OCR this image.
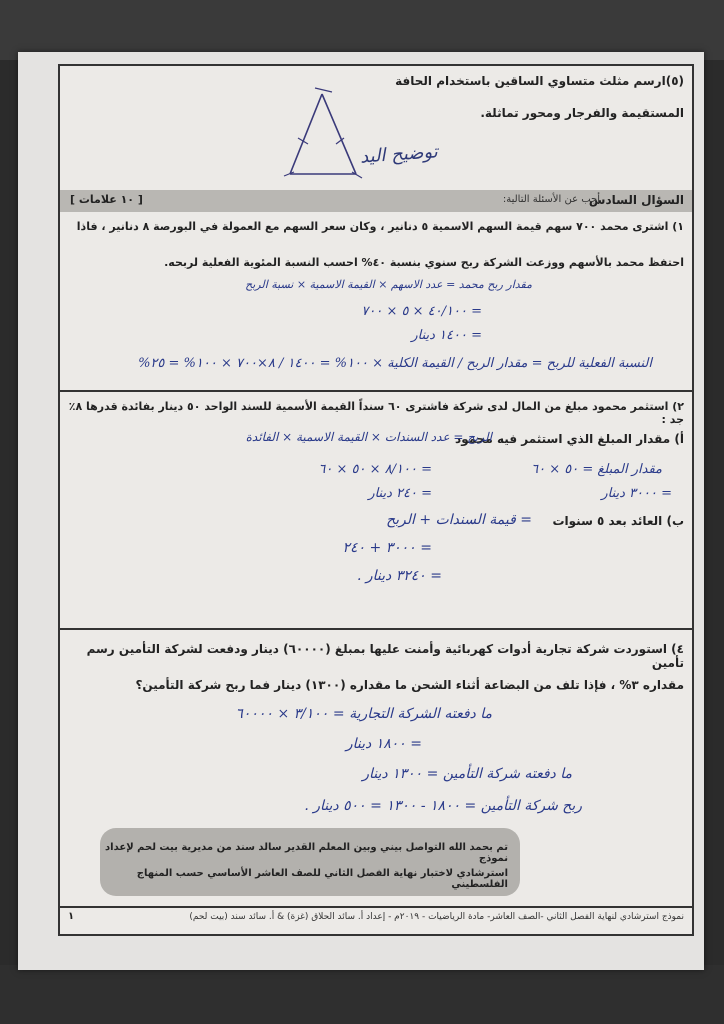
(٥)ارسم مثلث متساوي الساقين باستخدام الحافة
المستقيمة والفرجار ومحور تماثلة.
توضيح اليد
السؤال السادس
أجب عن الأسئلة التالية:
[ ١٠ علامات ]
١) اشترى محمد ٧٠٠ سهم قيمة السهم الاسمية ٥ دنانير ، وكان سعر السهم مع العمولة في البورصة ٨ دنانير ، فاذا
احتفظ محمد بالأسهم ووزعت الشركة ربح سنوي بنسبة ٤٠% احسب النسبة المئوية الفعلية لربحه.
مقدار ربح محمد = عدد الاسهم × القيمة الاسمية × نسبة الربح
= ٤٠/١٠٠ × ٥ × ٧٠٠
= ١٤٠٠ دينار
النسبة الفعلية للربح = مقدار الربح / القيمة الكلية × ١٠٠% = ١٤٠٠ / ٨×٧٠٠ × ١٠٠% = ٢٥%
٢) استثمر محمود مبلغ من المال لدى شركة فاشترى ٦٠ سنداً القيمة الأسمية للسند الواحد ٥٠ دينار بفائدة قدرها ٨٪ جد :
أ) مقدار المبلغ الذي استثمر فيه محمود
الربح = عدد السندات × القيمة الاسمية × الفائدة
= ٨/١٠٠ × ٥٠ × ٦٠	مقدار المبلغ = ٥٠ × ٦٠
= ٢٤٠ دينار	= ٣٠٠٠ دينار
ب) العائد بعد ٥ سنوات
= قيمة السندات + الربح
= ٣٠٠٠ + ٢٤٠
= ٣٢٤٠ دينار .
٤) استوردت شركة تجارية أدوات كهربائية وأمنت عليها بمبلغ (٦٠٠٠٠) دينار ودفعت لشركة التأمين رسم تأمين
مقداره ٣% ، فإذا تلف من البضاعة أثناء الشحن ما مقداره (١٣٠٠) دينار فما ربح شركة التأمين؟
ما دفعته الشركة التجارية = ٣/١٠٠ × ٦٠٠٠٠
= ١٨٠٠ دينار
ما دفعته شركة التأمين = ١٣٠٠ دينار
ربح شركة التأمين = ١٨٠٠ - ١٣٠٠ = ٥٠٠ دينار .
تم بحمد الله التواصل بيني وبين المعلم القدير سالد سند من مديرية بيت لحم لإعداد نموذج
استرشادي لاختبار نهاية الفصل الثاني للصف العاشر الأساسي حسب المنهاج الفلسطيني
نموذج استرشادي لنهاية الفصل الثاني -الصف العاشر- مادة الرياضيات - ٢٠١٩م - إعداد أ. سائد الحلاق (غزة) & أ. سائد سند (بيت لحم)
١
